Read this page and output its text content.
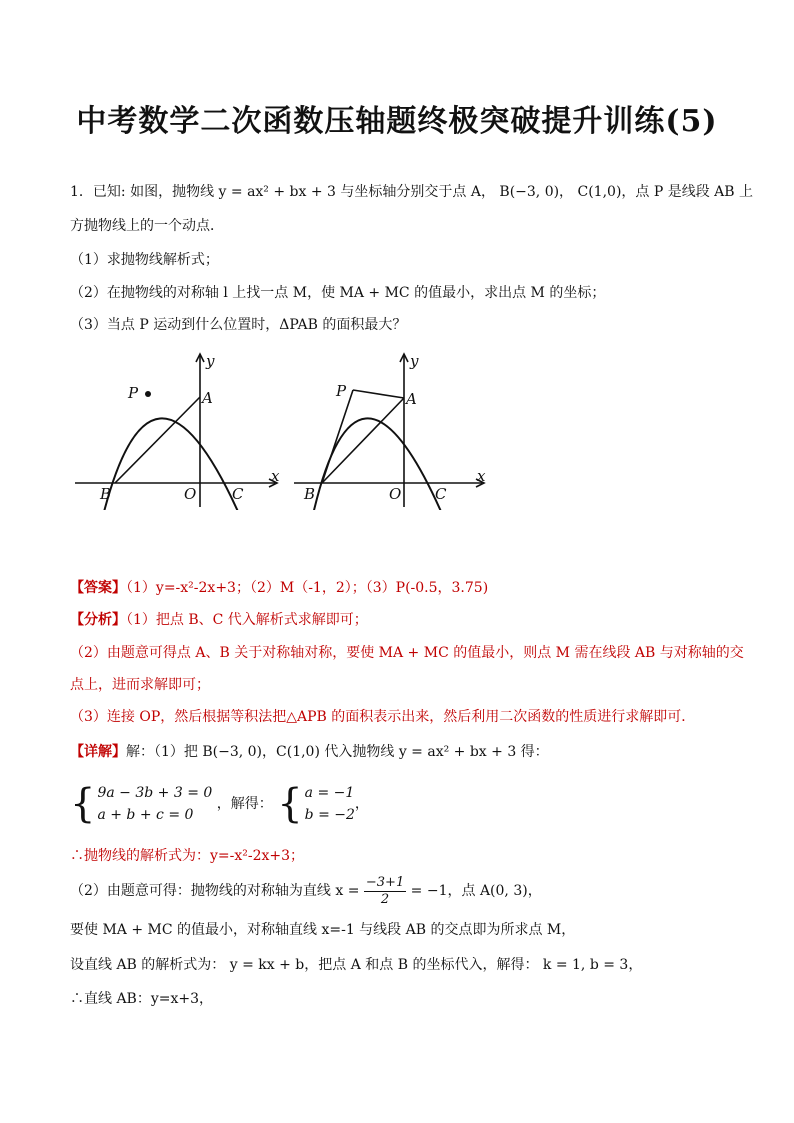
中考数学二次函数压轴题终极突破提升训练(5)
1．已知: 如图，抛物线 y = ax² + bx + 3 与坐标轴分别交于点 A， B(−3, 0)， C(1,0)，点 P 是线段 AB 上
方抛物线上的一个动点．
（1）求抛物线解析式；
（2）在抛物线的对称轴 l 上找一点 M，使 MA + MC 的值最小，求出点 M 的坐标；
（3）当点 P 运动到什么位置时，ΔPAB 的面积最大？
y
x
P	A
B	O C
y
x
P	A
B	O C
【答案】（1）y=-x²-2x+3；（2）M（-1，2）；（3）P(-0.5，3.75)
【分析】（1）把点 B、C 代入解析式求解即可；
（2）由题意可得点 A、B 关于对称轴对称，要使 MA + MC 的值最小，则点 M 需在线段 AB 与对称轴的交
点上，进而求解即可；
（3）连接 OP，然后根据等积法把△APB 的面积表示出来，然后利用二次函数的性质进行求解即可．
【详解】解：（1）把 B(−3, 0)，C(1,0) 代入抛物线 y = ax² + bx + 3 得：
{ 9a − 3b + 3 = 0
a + b + c = 0
，解得： { a = −1
b = −2
，
∴抛物线的解析式为：y=-x²-2x+3；
（2）由题意可得：抛物线的对称轴为直线 $x = \frac{-3+1}{2} = -1$，点 A(0, 3)，
要使 MA + MC 的值最小，对称轴直线 x=-1 与线段 AB 的交点即为所求点 M，
设直线 AB 的解析式为： y = kx + b，把点 A 和点 B 的坐标代入，解得： k = 1, b = 3，
∴直线 AB：y=x+3，
